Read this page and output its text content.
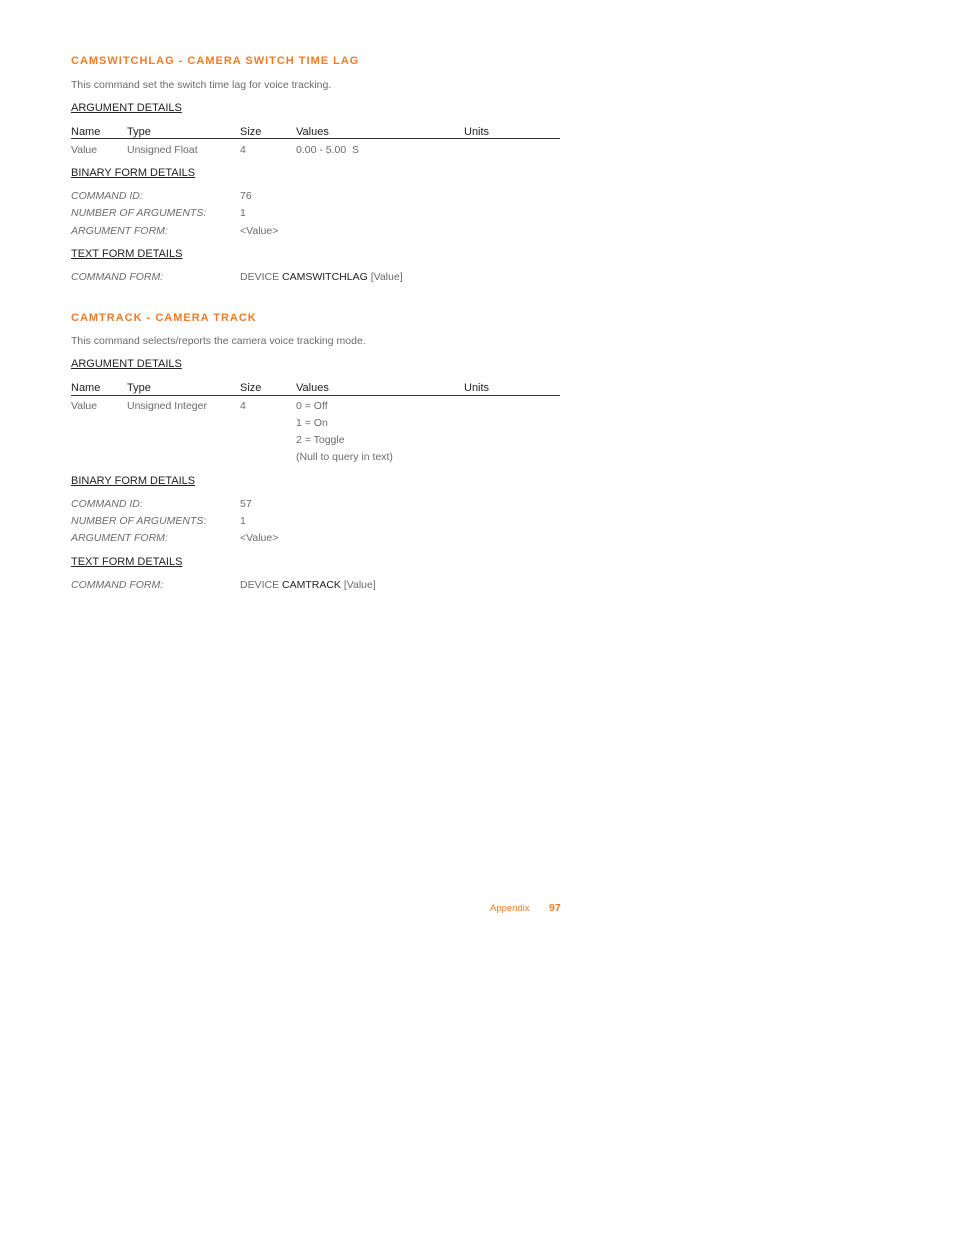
CAMSWITCHLAG - CAMERA SWITCH TIME LAG
This command set the switch time lag for voice tracking.
ARGUMENT DETAILS
Name Type	Size	Values	Units
Value	Unsigned Float	4	0.00 - 5.00 S
BINARY FORM DETAILS
COMMAND ID:	76
NUMBER OF ARGUMENTS:	1
ARGUMENT FORM:	<Value>
TEXT FORM DETAILS
COMMAND FORM:	DEVICE CAMSWITCHLAG [Value]
CAMTRACK - CAMERA TRACK
This command selects/reports the camera voice tracking mode.
ARGUMENT DETAILS
Name Type	Size	Values	Units
Value	Unsigned Integer	4	0 = Off
1 = On
2 = Toggle
(Null to query in text)
BINARY FORM DETAILS
COMMAND ID:	57
NUMBER OF ARGUMENTS:	1
ARGUMENT FORM:	<Value>
TEXT FORM DETAILS
COMMAND FORM:	DEVICE CAMTRACK [Value]
Appendix 97
